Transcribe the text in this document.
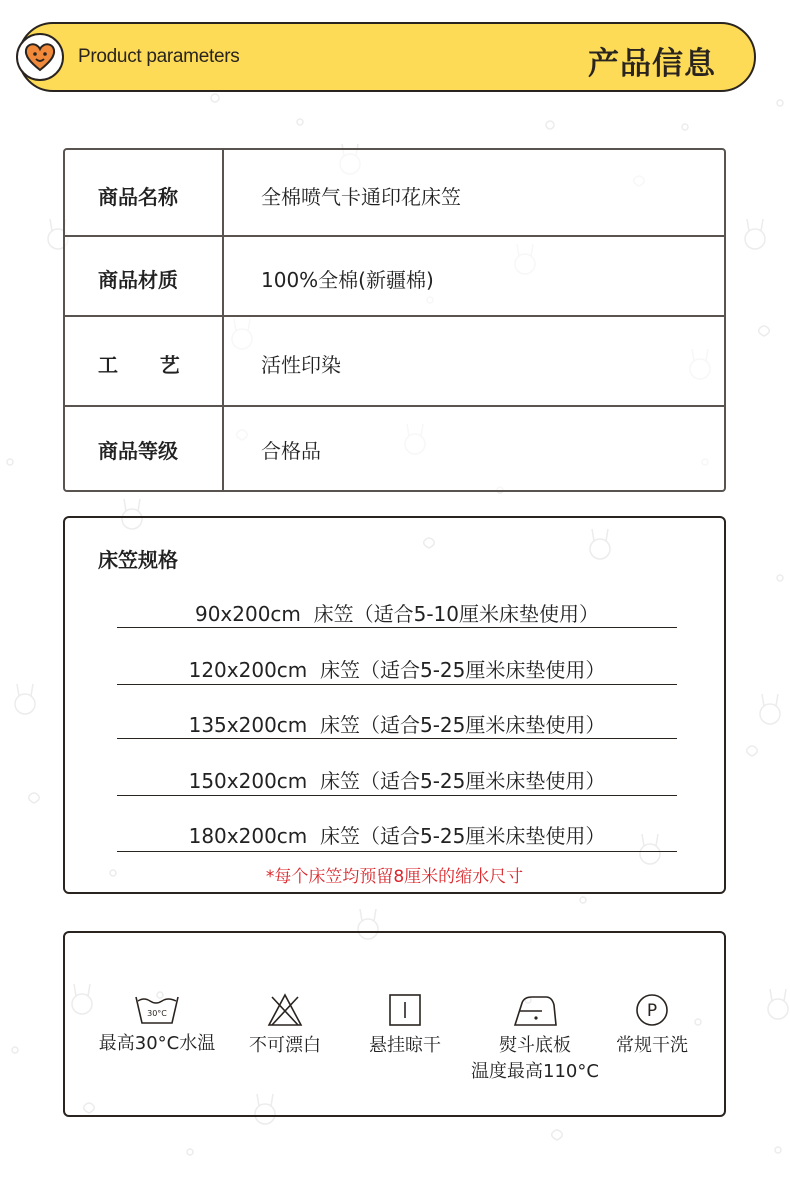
Product parameters	产品信息
商品名称	全棉喷气卡通印花床笠
商品材质	100%全棉(新疆棉)
工      艺	活性印染
商品等级	合格品
床笠规格
90x200cm  床笠（适合5-10厘米床垫使用）
120x200cm  床笠（适合5-25厘米床垫使用）
135x200cm  床笠（适合5-25厘米床垫使用）
150x200cm  床笠（适合5-25厘米床垫使用）
180x200cm  床笠（适合5-25厘米床垫使用）
*每个床笠均预留8厘米的缩水尺寸
30°C
最高30°C水温	不可漂白	悬挂晾干	熨斗底板
温度最高110°C
P
常规干洗
